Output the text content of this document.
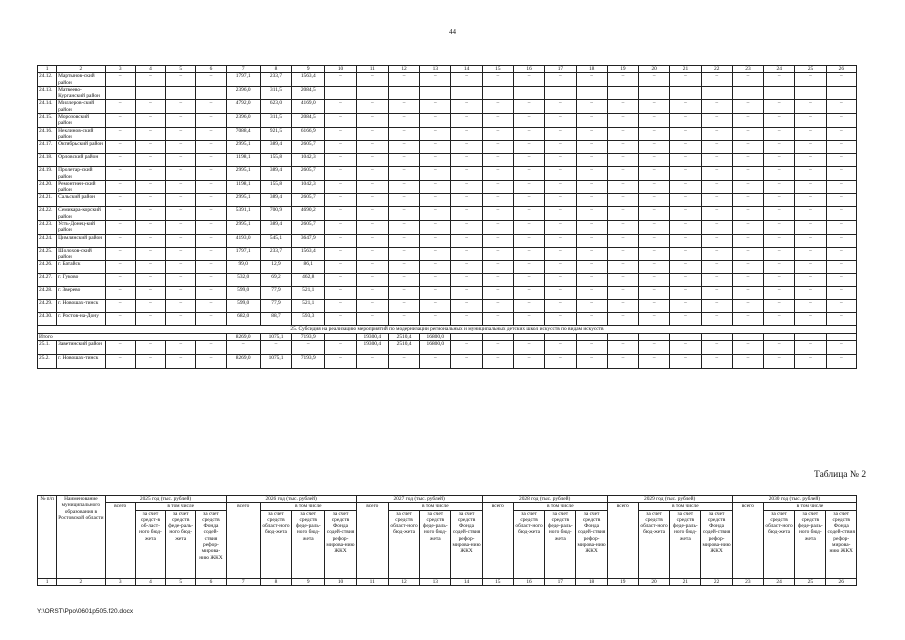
44
1	2	3	4	5	6	7	8	9	10	11	12	13	14	15	16	17	18	19	20	21	22	23	24	25	26
24.12.	Мартынов-ский район	–	–	–	–	1797,1	233,7	1563,4	–	–	–	–	–	–	–	–	–	–	–	–	–	–	–	–	–
24.13.	Матвеево-Курганский район					2396,0	311,5	2084,5																	
24.14.	Миллеров-ский район	–	–	–	–	4792,0	623,0	4169,0	–	–	–	–	–	–	–	–	–	–	–	–	–	–	–	–	–
24.15.	Морозовский район	–	–	–	–	2396,0	311,5	2084,5	–	–	–	–	–	–	–	–	–	–	–	–	–	–	–	–	–
24.16.	Неклинов-ский район	–	–	–	–	7088,4	921,5	6166,9	–	–	–	–	–	–	–	–	–	–	–	–	–	–	–	–	–
24.17.	Октябрьский район	–	–	–	–	2995,1	389,4	2605,7	–	–	–	–	–	–	–	–	–	–	–	–	–	–	–	–	–
24.18.	Орловский район	–	–	–	–	1198,1	155,8	1042,3	–	–	–	–	–	–	–	–	–	–	–	–	–	–	–	–	–
24.19.	Пролетар-ский район	–	–	–	–	2995,1	389,4	2605,7	–	–	–	–	–	–	–	–	–	–	–	–	–	–	–	–	–
24.20.	Ремонтнен-ский район	–	–	–	–	1198,1	155,8	1042,3	–	–	–	–	–	–	–	–	–	–	–	–	–	–	–	–	–
24.21.	Сальский район	–	–	–	–	2995,1	389,4	2605,7	–	–	–	–	–	–	–	–	–	–	–	–	–	–	–	–	–
24.22.	Семикара-корский район	–	–	–	–	5391,1	700,9	4690,2	–	–	–	–	–	–	–	–	–	–	–	–	–	–	–	–	–
24.23.	Усть-Донец-кий район	–	–	–	–	2995,1	389,4	2605,7	–	–	–	–	–	–	–	–	–	–	–	–	–	–	–	–	–
24.24.	Цимлянский район	–	–	–	–	4193,0	545,1	3647,9	–	–	–	–	–	–	–	–	–	–	–	–	–	–	–	–	–
24.25.	Шолохов-ский район	–	–	–	–	1797,1	233,7	1563,4	–	–	–	–	–	–	–	–	–	–	–	–	–	–	–	–	–
24.26.	г. Батайск	–	–	–	–	99,0	12,9	86,1	–	–	–	–	–	–	–	–	–	–	–	–	–	–	–	–	–
24.27.	г. Гуково	–	–	–	–	532,0	69,2	462,8	–	–	–	–	–	–	–	–	–	–	–	–	–	–	–	–	–
24.28.	г. Зверево	–	–	–	–	599,0	77,9	521,1	–	–	–	–	–	–	–	–	–	–	–	–	–	–	–	–	–
24.29.	г. Новошах-тинск	–	–	–	–	599,0	77,9	521,1	–	–	–	–	–	–	–	–	–	–	–	–	–	–	–	–	–
24.30.	г. Ростов-на-Дону	–	–	–	–	682,0	88,7	593,3	–	–	–	–	–	–	–	–	–	–	–	–	–	–	–	–	–
25. Субсидия на реализацию мероприятий по модернизации региональных и муниципальных детских школ искусств по видам искусств																									
Итого						8269,0	1075,1	7193,9		19300,4	2510,4	16800,0													
25.1.	Заветинский район	–	–	–	–	–	–	–	–	19300,4	2510,4	16800,0	–	–	–	–	–	–	–	–	–	–	–	–	–
25.2.	г. Новошах-тинск	–	–	–	–	8269,0	1075,1	7193,9	–	–	–	–	–	–	–	–	–	–	–	–	–	–	–	–	–
Таблица № 2
№ п/п	Наименование муниципального образования в Ростовской области	2025 год (тыс. рублей)				2026 год (тыс. рублей)				2027 год (тыс. рублей)				2028 год (тыс. рублей)				2029 год (тыс. рублей)				2030 год (тыс. рублей)			
		всего	в том числе			всего	в том числе			всего	в том числе			всего	в том числе			всего	в том числе			всего	в том числе		
			за счет средст-в об-ласт-ного бюд-жета	за счет средств феде-раль-ного бюд-жета	за счет средств Фонда содей-ствия рефор-мирова-нию ЖКХ		за счет средств област-ного бюд-жета	за счет средств феде-раль-ного бюд-жета	за счет средств Фонда содей-ствия рефор-мирова-нию ЖКХ		за счет средств област-ного бюд-жета	за счет средств феде-раль-ного бюд-жета	за счет средств Фонда содей-ствия рефор-мирова-нию ЖКХ		за счет средств област-ного бюд-жета	за счет средств феде-раль-ного бюд-жета	за счет средств Фонда содей-ствия рефор-мирова-нию ЖКХ		за счет средств област-ного бюд-жета	за счет средств феде-раль-ного бюд-жета	за счет средств Фонда содей-ствия рефор-мирова-нию ЖКХ		за счет средств област-ного бюд-жета	за счет средств феде-раль-ного бюд-жета	за счет средств Фонда содей-ствия рефор-мирова-нию ЖКХ
1	2	3	4	5	6	7	8	9	10	11	12	13	14	15	16	17	18	19	20	21	22	23	24	25	26
Y:\ORST\Ppo\0601p505.f20.docx
